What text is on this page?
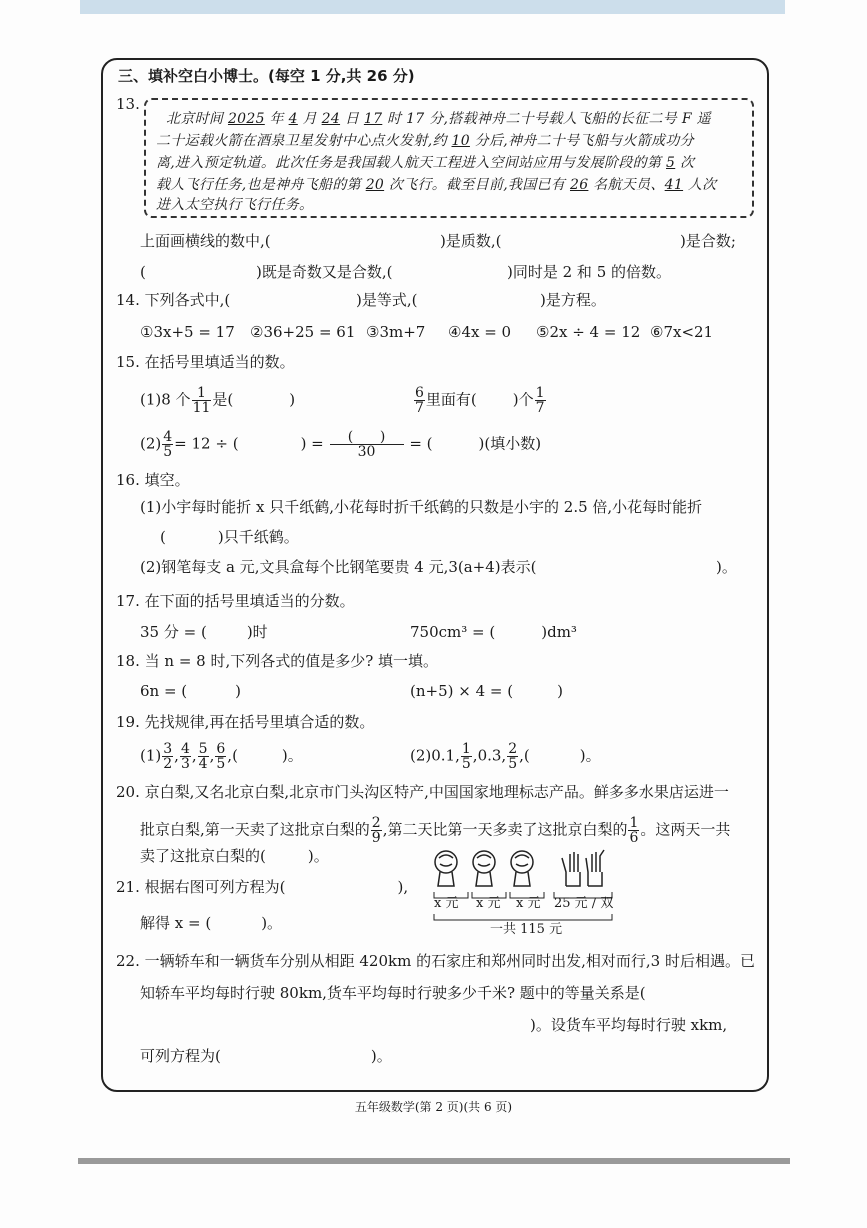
三、填补空白小博士。(每空 1 分,共 26 分)
13.
北京时间 2025 年 4 月 24 日 17 时 17 分,搭载神舟二十号载人飞船的长征二号 F 遥
二十运载火箭在酒泉卫星发射中心点火发射,约 10 分后,神舟二十号飞船与火箭成功分
离,进入预定轨道。此次任务是我国载人航天工程进入空间站应用与发展阶段的第 5 次
载人飞行任务,也是神舟飞船的第 20 次飞行。截至目前,我国已有 26 名航天员、41 人次
进入太空执行飞行任务。
上面画横线的数中,(	)是质数,(	)是合数;
(	)既是奇数又是合数,(	)同时是 2 和 5 的倍数。
14. 下列各式中,(	)是等式,(	)是方程。
①3x+5 = 17 ②36+25 = 61 ③3m+7 ④4x = 0 ⑤2x ÷ 4 = 12 ⑥7x<21
15. 在括号里填适当的数。
(1)8 个 $\frac{1}{11}$ 是(	)	$\frac{6}{7}$ 里面有( )个 $\frac{1}{7}$
$(2) \frac{4}{5} = 12$ ÷ (	) = $\frac{( )}{30}$ = (	)(填小数)
16. 填空。
(1)小宇每时能折 x 只千纸鹤,小花每时折千纸鹤的只数是小宇的 2.5 倍,小花每时能折
(	)只千纸鹤。
(2)钢笔每支 a 元,文具盒每个比钢笔要贵 4 元,3(a+4)表示(	)。
17. 在下面的括号里填适当的分数。
35 分 = (	)时	750cm³ = (	)dm³
18. 当 n = 8 时,下列各式的值是多少? 填一填。
6n = (	)	(n+5) × 4 = (	)
19. 先找规律,再在括号里填合适的数。
$(1) \frac{3}{2}$ , $\frac{4}{3}$ , $\frac{5}{4}$ , $\frac{6}{5}$ ,(	)。	(2)0.1, $\frac{1}{5} ,0.3$, $\frac{2}{5}$ ,(	)。
20. 京白梨,又名北京白梨,北京市门头沟区特产,中国国家地理标志产品。鲜多多水果店运进一
批京白梨,第一天卖了这批京白梨的 $\frac{2}{9}$ ,第二天比第一天多卖了这批京白梨的 $\frac{1}{6}$ 。这两天一共
卖了这批京白梨的(	)。
21. 根据右图可列方程为(	),
解得 x = (	)。
x 元 x 元 x 元 25 元 / 双
一共 115 元
22. 一辆轿车和一辆货车分别从相距 420km 的石家庄和郑州同时出发,相对而行,3 时后相遇。已
知轿车平均每时行驶 80km,货车平均每时行驶多少千米? 题中的等量关系是(
)。设货车平均每时行驶 xkm,
可列方程为(	)。
五年级数学(第 2 页)(共 6 页)
